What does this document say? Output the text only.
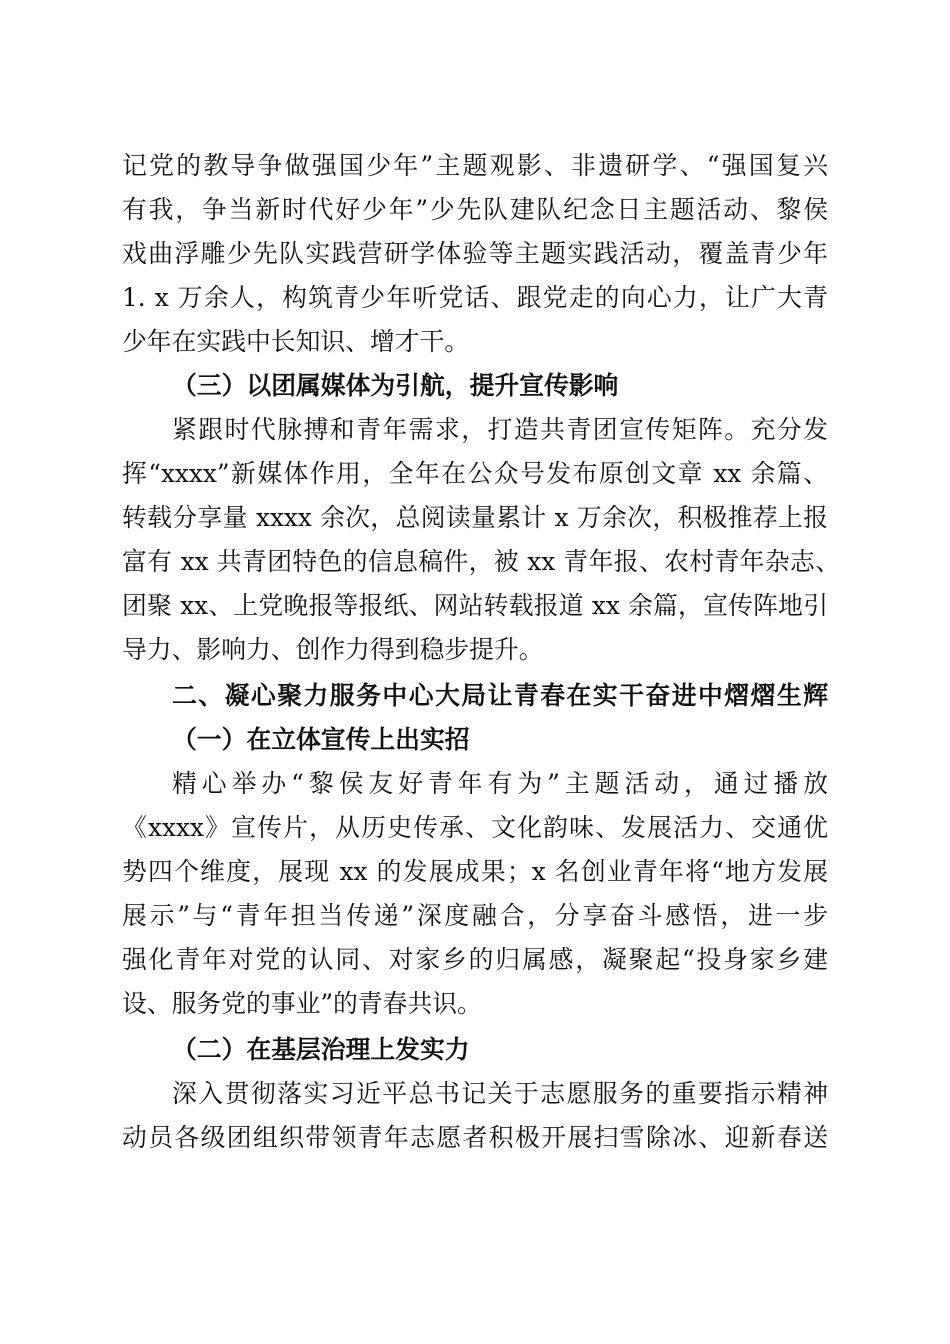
记党的教导争做强国少年”主题观影、非遗研学、“强国复兴
有我，争当新时代好少年”少先队建队纪念日主题活动、黎侯
戏曲浮雕少先队实践营研学体验等主题实践活动，覆盖青少年
1. x 万余人，构筑青少年听党话、跟党走的向心力，让广大青
少年在实践中长知识、增才干。
（三）以团属媒体为引航，提升宣传影响
紧跟时代脉搏和青年需求，打造共青团宣传矩阵。充分发
挥“xxxx”新媒体作用，全年在公众号发布原创文章 xx 余篇、
转载分享量 xxxx 余次，总阅读量累计 x 万余次，积极推荐上报
富有 xx 共青团特色的信息稿件，被 xx 青年报、农村青年杂志、
团聚 xx、上党晚报等报纸、网站转载报道 xx 余篇，宣传阵地引
导力、影响力、创作力得到稳步提升。
二、凝心聚力服务中心大局让青春在实干奋进中熠熠生辉
（一）在立体宣传上出实招
精心举办“黎侯友好青年有为”主题活动，通过播放
《xxxx》宣传片，从历史传承、文化韵味、发展活力、交通优
势四个维度，展现 xx 的发展成果；x 名创业青年将“地方发展
展示”与“青年担当传递”深度融合，分享奋斗感悟，进一步
强化青年对党的认同、对家乡的归属感，凝聚起“投身家乡建
设、服务党的事业”的青春共识。
（二）在基层治理上发实力
深入贯彻落实习近平总书记关于志愿服务的重要指示精神
动员各级团组织带领青年志愿者积极开展扫雪除冰、迎新春送
